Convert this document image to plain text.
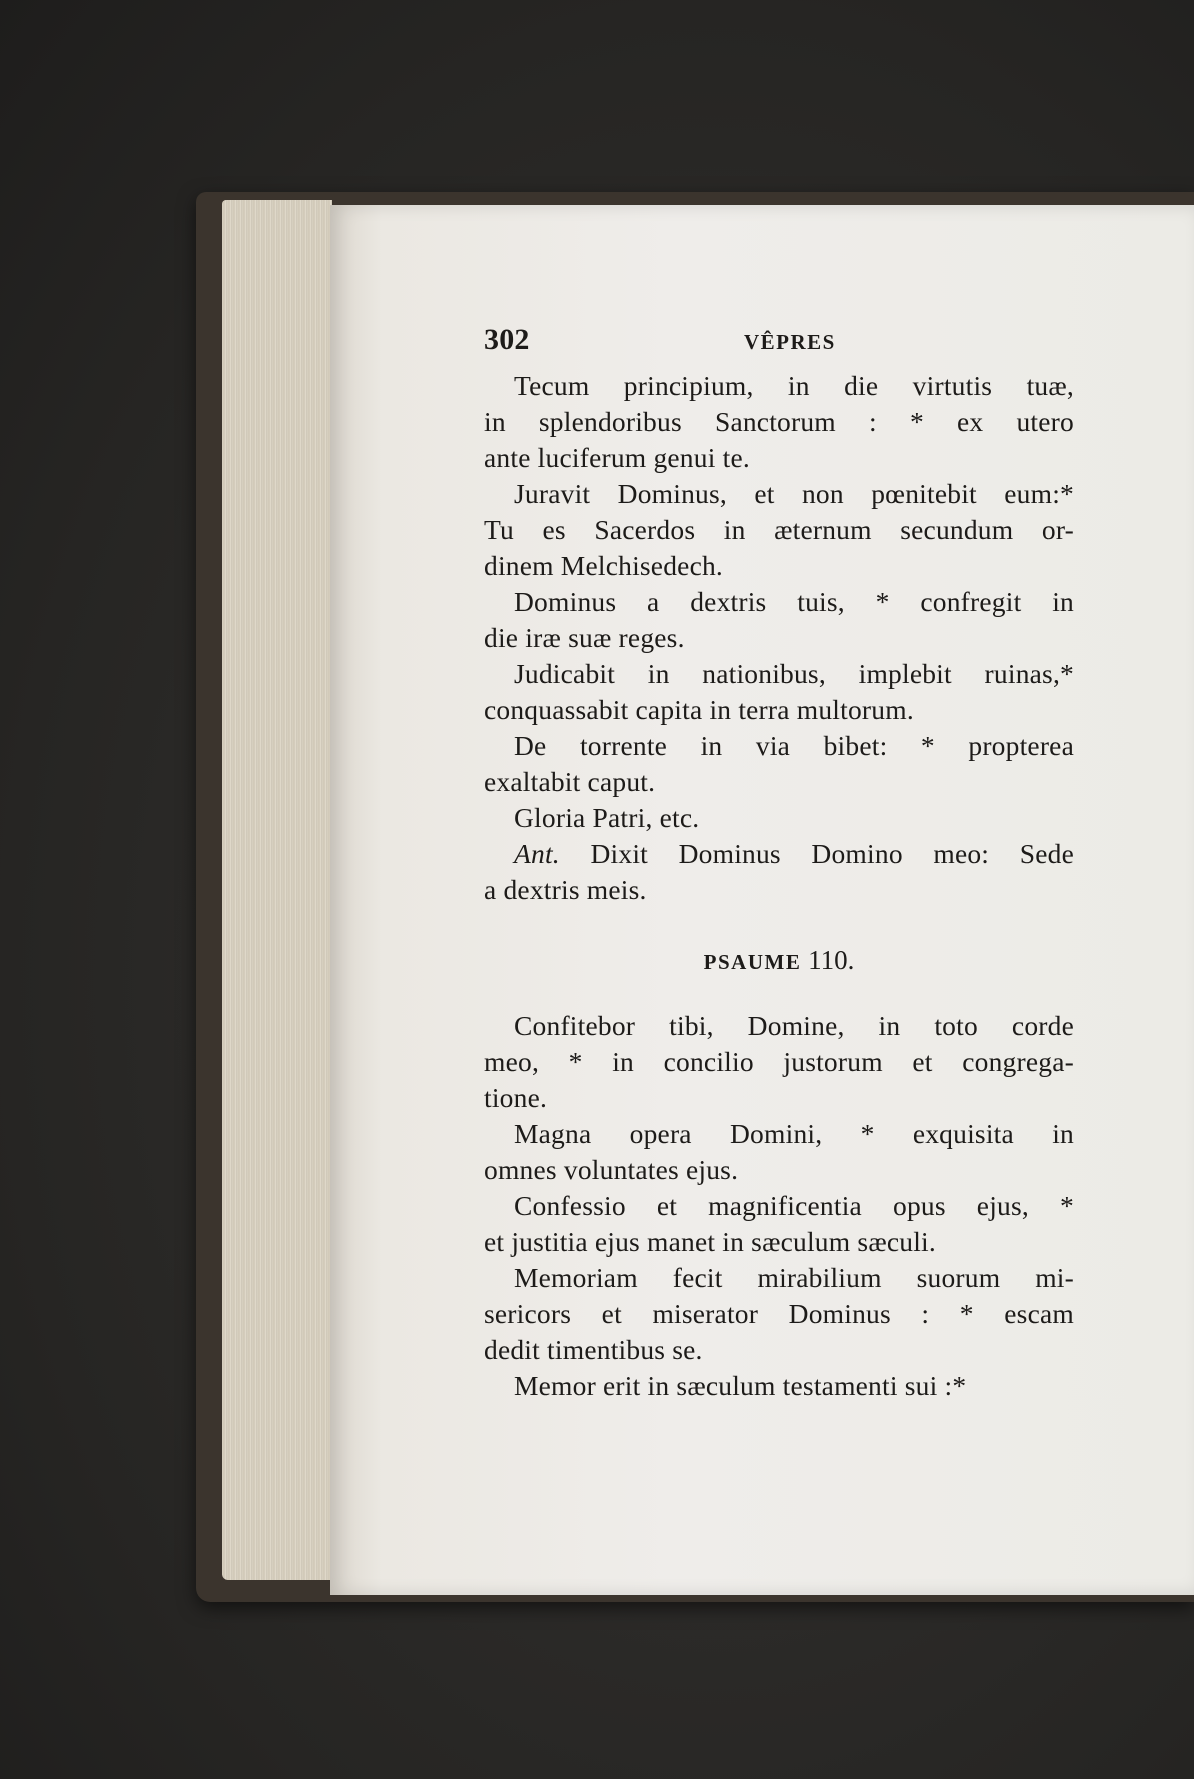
302	VÊPRES

Tecum principium, in die virtutis tuæ,
in splendoribus Sanctorum : * ex utero
ante luciferum genui te.

Juravit Dominus, et non pœnitebit eum:*
Tu es Sacerdos in æternum secundum or-
dinem Melchisedech.

Dominus a dextris tuis, * confregit in
die iræ suæ reges.

Judicabit in nationibus, implebit ruinas,*
conquassabit capita in terra multorum.

De torrente in via bibet: * propterea
exaltabit caput.

Gloria Patri, etc.

Ant. Dixit Dominus Domino meo: Sede
a dextris meis.

PSAUME 110.

Confitebor tibi, Domine, in toto corde
meo, * in concilio justorum et congrega-
tione.

Magna opera Domini, * exquisita in
omnes voluntates ejus.

Confessio et magnificentia opus ejus, *
et justitia ejus manet in sæculum sæculi.

Memoriam fecit mirabilium suorum mi-
sericors et miserator Dominus : * escam
dedit timentibus se.

Memor erit in sæculum testamenti sui :*
